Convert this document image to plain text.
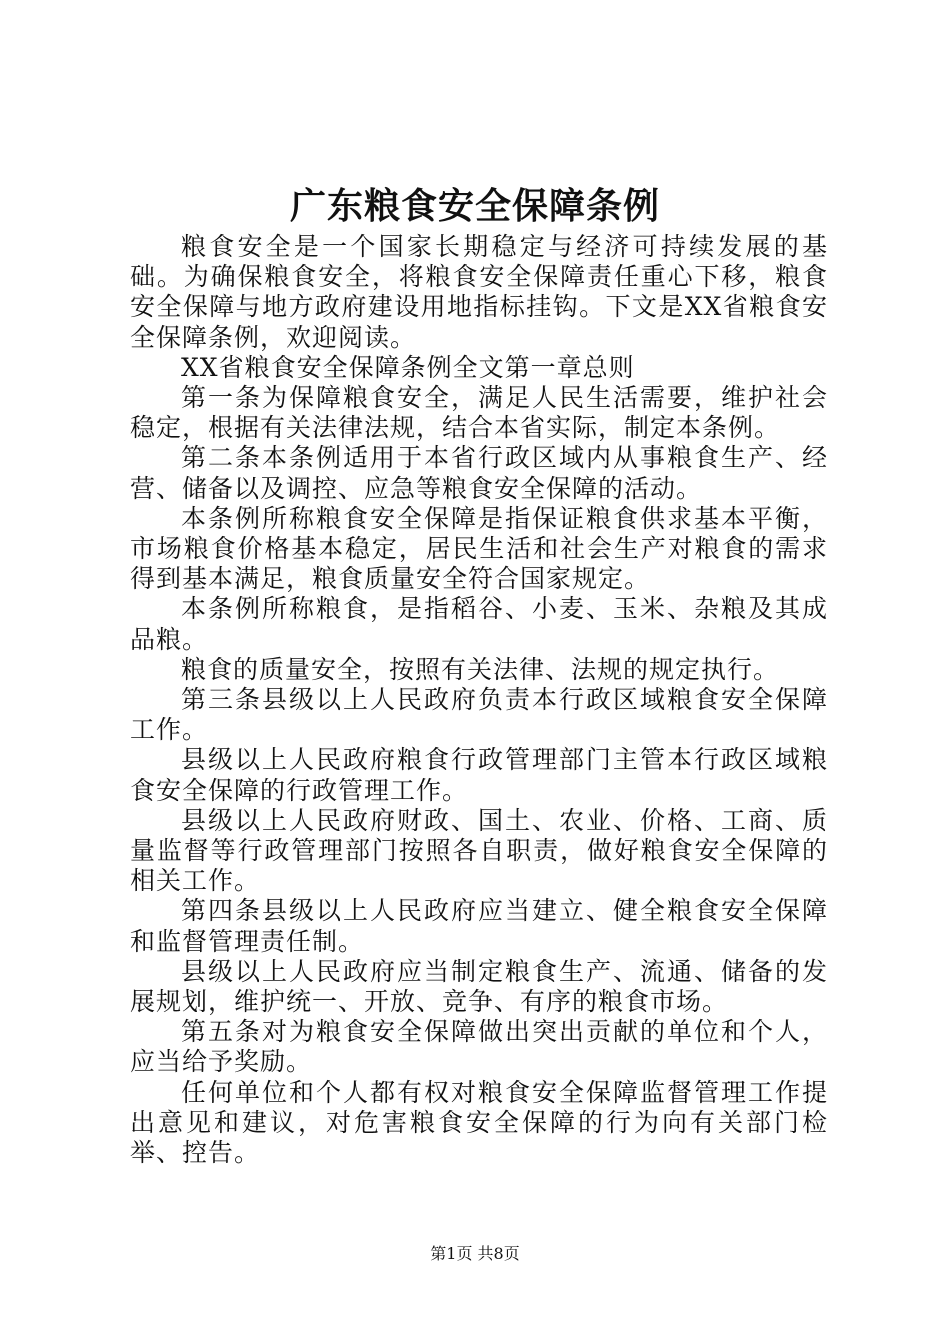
广东粮食安全保障条例

粮食安全是一个国家长期稳定与经济可持续发展的基础。为确保粮食安全，将粮食安全保障责任重心下移，粮食安全保障与地方政府建设用地指标挂钩。下文是XX省粮食安全保障条例，欢迎阅读。

XX省粮食安全保障条例全文第一章总则

第一条为保障粮食安全，满足人民生活需要，维护社会稳定，根据有关法律法规，结合本省实际，制定本条例。

第二条本条例适用于本省行政区域内从事粮食生产、经营、储备以及调控、应急等粮食安全保障的活动。

本条例所称粮食安全保障是指保证粮食供求基本平衡，市场粮食价格基本稳定，居民生活和社会生产对粮食的需求得到基本满足，粮食质量安全符合国家规定。

本条例所称粮食，是指稻谷、小麦、玉米、杂粮及其成品粮。

粮食的质量安全，按照有关法律、法规的规定执行。

第三条县级以上人民政府负责本行政区域粮食安全保障工作。

县级以上人民政府粮食行政管理部门主管本行政区域粮食安全保障的行政管理工作。

县级以上人民政府财政、国土、农业、价格、工商、质量监督等行政管理部门按照各自职责，做好粮食安全保障的相关工作。

第四条县级以上人民政府应当建立、健全粮食安全保障和监督管理责任制。

县级以上人民政府应当制定粮食生产、流通、储备的发展规划，维护统一、开放、竞争、有序的粮食市场。

第五条对为粮食安全保障做出突出贡献的单位和个人，应当给予奖励。

任何单位和个人都有权对粮食安全保障监督管理工作提出意见和建议，对危害粮食安全保障的行为向有关部门检举、控告。

第1页 共8页
